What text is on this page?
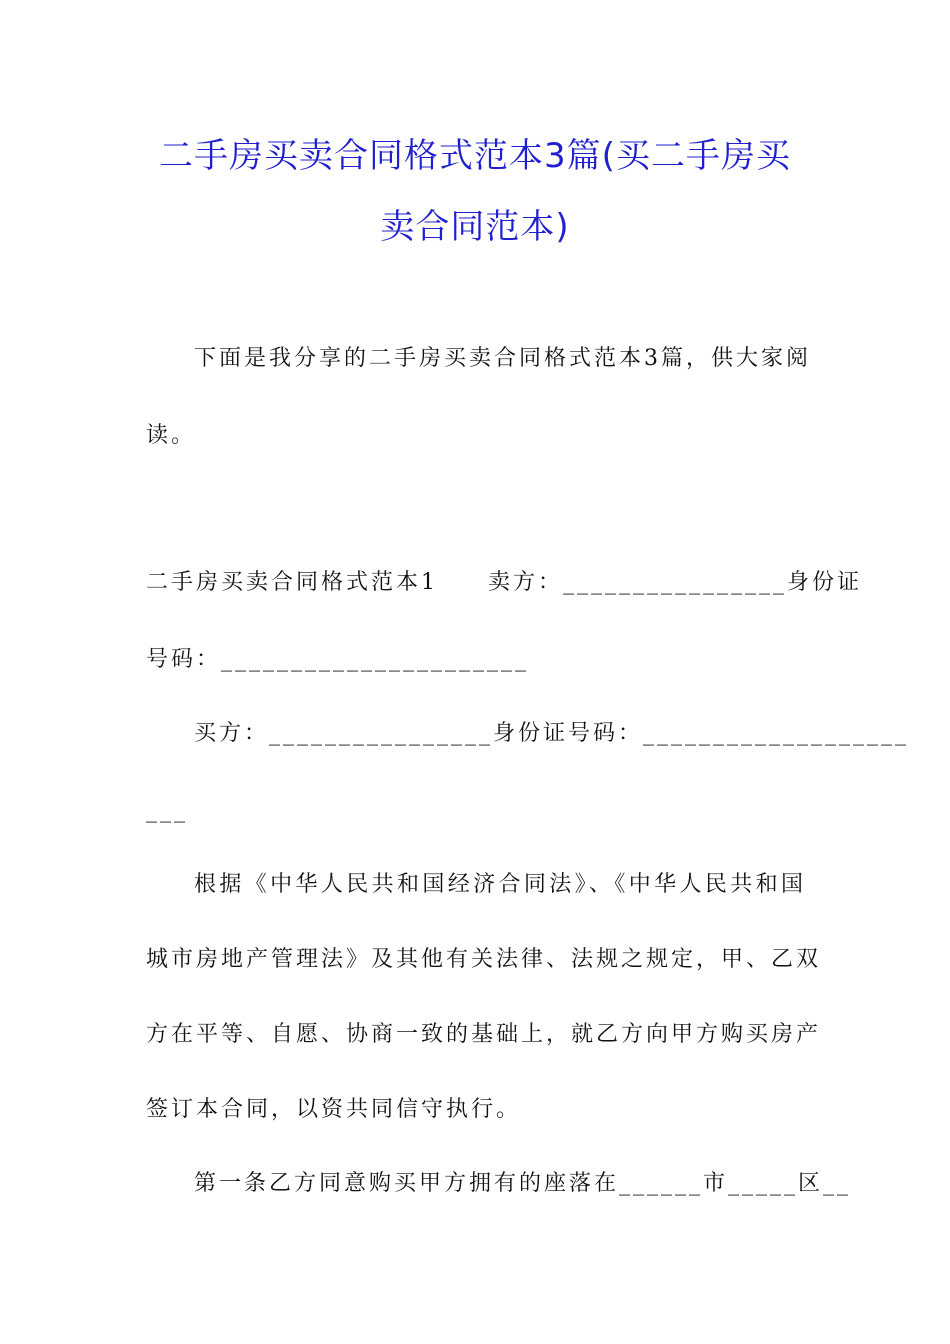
二手房买卖合同格式范本3篇(买二手房买
卖合同范本)
下面是我分享的二手房买卖合同格式范本3篇，供大家阅
读。
二手房买卖合同格式范本1　　卖方：________________身份证
号码：______________________
买方：________________身份证号码：___________________
___
根据《中华人民共和国经济合同法》、《中华人民共和国
城市房地产管理法》及其他有关法律、法规之规定，甲、乙双
方在平等、自愿、协商一致的基础上，就乙方向甲方购买房产
签订本合同，以资共同信守执行。
第一条乙方同意购买甲方拥有的座落在______市_____区__
